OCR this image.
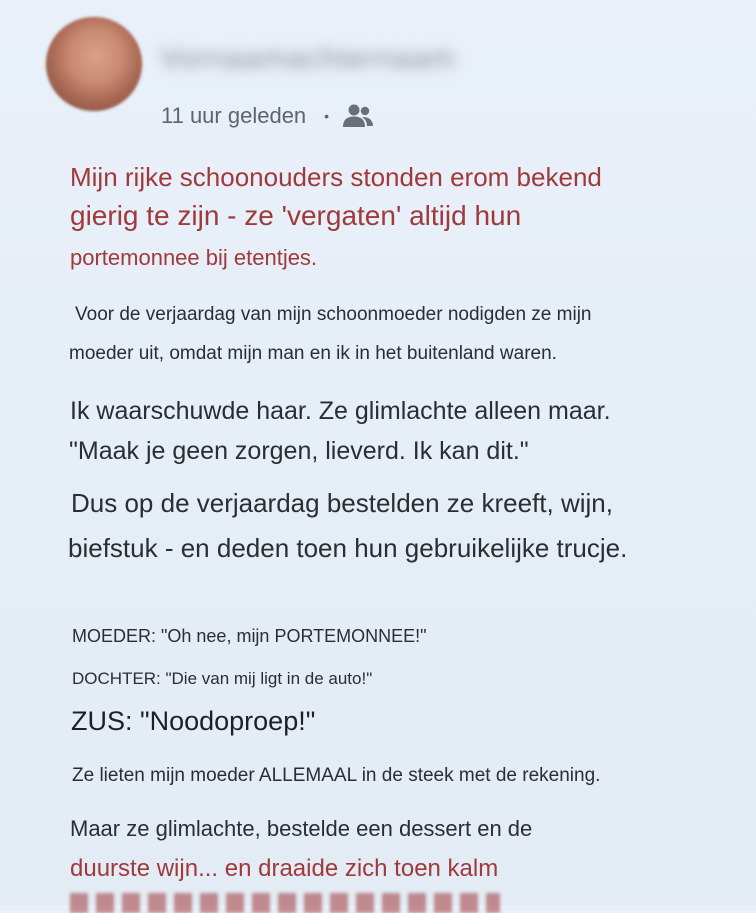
Vornaamachternaam
11 uur geleden •
Mijn rijke schoonouders stonden erom bekend
gierig te zijn - ze 'vergaten' altijd hun
portemonnee bij etentjes.
Voor de verjaardag van mijn schoonmoeder nodigden ze mijn
moeder uit, omdat mijn man en ik in het buitenland waren.
Ik waarschuwde haar. Ze glimlachte alleen maar.
"Maak je geen zorgen, lieverd. Ik kan dit."
Dus op de verjaardag bestelden ze kreeft, wijn,
biefstuk - en deden toen hun gebruikelijke trucje.
MOEDER: "Oh nee, mijn PORTEMONNEE!"
DOCHTER: "Die van mij ligt in de auto!"
ZUS: "Noodoproep!"
Ze lieten mijn moeder ALLEMAAL in de steek met de rekening.
Maar ze glimlachte, bestelde een dessert en de
duurste wijn... en draaide zich toen kalm
